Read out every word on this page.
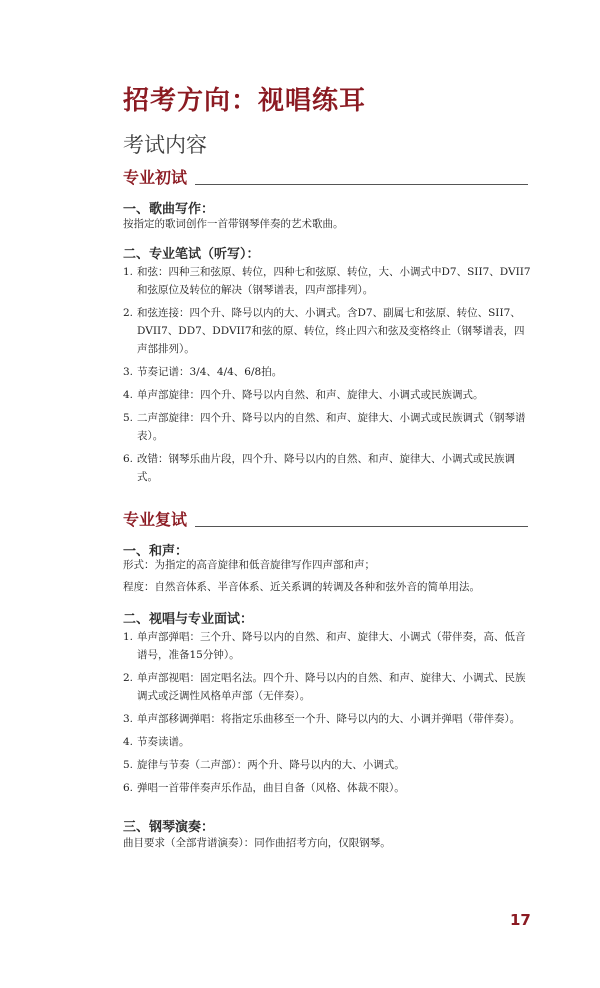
招考方向：视唱练耳
考试内容
专业初试
一、歌曲写作：

按指定的歌词创作一首带钢琴伴奏的艺术歌曲。

二、专业笔试（听写）：
1. 和弦：四种三和弦原、转位，四种七和弦原、转位，大、小调式中D7、SII7、DVII7和弦原位及转位的解决（钢琴谱表，四声部排列）。
2. 和弦连接：四个升、降号以内的大、小调式。含D7、副属七和弦原、转位、SII7、DVII7、DD7、DDVII7和弦的原、转位，终止四六和弦及变格终止（钢琴谱表，四声部排列）。
3. 节奏记谱：3/4、4/4、6/8拍。
4. 单声部旋律：四个升、降号以内自然、和声、旋律大、小调式或民族调式。
5. 二声部旋律：四个升、降号以内的自然、和声、旋律大、小调式或民族调式（钢琴谱表）。
6. 改错：钢琴乐曲片段，四个升、降号以内的自然、和声、旋律大、小调式或民族调式。
专业复试
一、和声：

形式：为指定的高音旋律和低音旋律写作四声部和声；

程度：自然音体系、半音体系、近关系调的转调及各种和弦外音的简单用法。

二、视唱与专业面试：
1. 单声部弹唱：三个升、降号以内的自然、和声、旋律大、小调式（带伴奏，高、低音谱号，准备15分钟）。
2. 单声部视唱：固定唱名法。四个升、降号以内的自然、和声、旋律大、小调式、民族调式或泛调性风格单声部（无伴奏）。
3. 单声部移调弹唱：将指定乐曲移至一个升、降号以内的大、小调并弹唱（带伴奏）。
4. 节奏读谱。
5. 旋律与节奏（二声部）：两个升、降号以内的大、小调式。
6. 弹唱一首带伴奏声乐作品，曲目自备（风格、体裁不限）。
三、钢琴演奏：

曲目要求（全部背谱演奏）：同作曲招考方向，仅限钢琴。

17
